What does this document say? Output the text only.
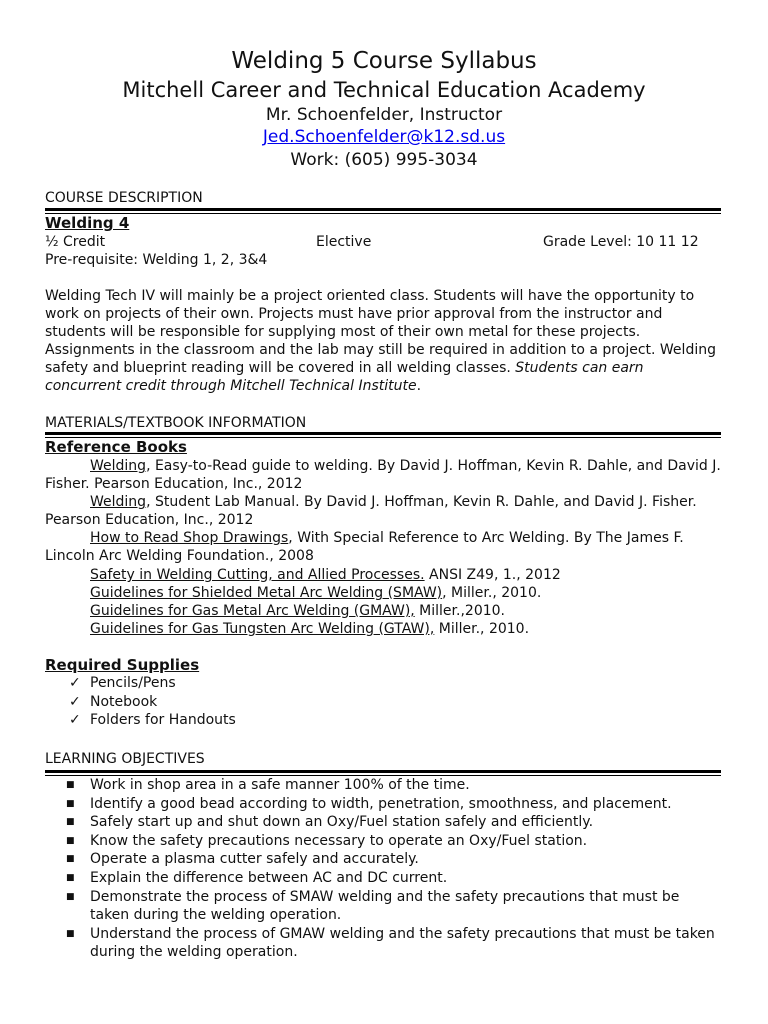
Welding 5 Course Syllabus
Mitchell Career and Technical Education Academy
Mr. Schoenfelder, Instructor
Jed.Schoenfelder@k12.sd.us
Work: (605) 995-3034
COURSE DESCRIPTION
Welding 4
½ Credit	Elective	Grade Level: 10 11 12
Pre-requisite: Welding 1, 2, 3&4
Welding Tech IV will mainly be a project oriented class. Students will have the opportunity to work on projects of their own. Projects must have prior approval from the instructor and students will be responsible for supplying most of their own metal for these projects. Assignments in the classroom and the lab may still be required in addition to a project. Welding safety and blueprint reading will be covered in all welding classes. Students can earn concurrent credit through Mitchell Technical Institute.
MATERIALS/TEXTBOOK INFORMATION
Reference Books
Welding, Easy-to-Read guide to welding. By David J. Hoffman, Kevin R. Dahle, and David J. Fisher. Pearson Education, Inc., 2012
Welding, Student Lab Manual. By David J. Hoffman, Kevin R. Dahle, and David J. Fisher. Pearson Education, Inc., 2012
How to Read Shop Drawings, With Special Reference to Arc Welding. By The James F. Lincoln Arc Welding Foundation., 2008
Safety in Welding Cutting, and Allied Processes. ANSI Z49, 1., 2012
Guidelines for Shielded Metal Arc Welding (SMAW), Miller., 2010.
Guidelines for Gas Metal Arc Welding (GMAW), Miller.,2010.
Guidelines for Gas Tungsten Arc Welding (GTAW), Miller., 2010.
Required Supplies
✓ Pencils/Pens
✓ Notebook
✓ Folders for Handouts
LEARNING OBJECTIVES
■ Work in shop area in a safe manner 100% of the time.
■ Identify a good bead according to width, penetration, smoothness, and placement.
■ Safely start up and shut down an Oxy/Fuel station safely and efficiently.
■ Know the safety precautions necessary to operate an Oxy/Fuel station.
■ Operate a plasma cutter safely and accurately.
■ Explain the difference between AC and DC current.
■ Demonstrate the process of SMAW welding and the safety precautions that must be taken during the welding operation.
■ Understand the process of GMAW welding and the safety precautions that must be taken during the welding operation.
